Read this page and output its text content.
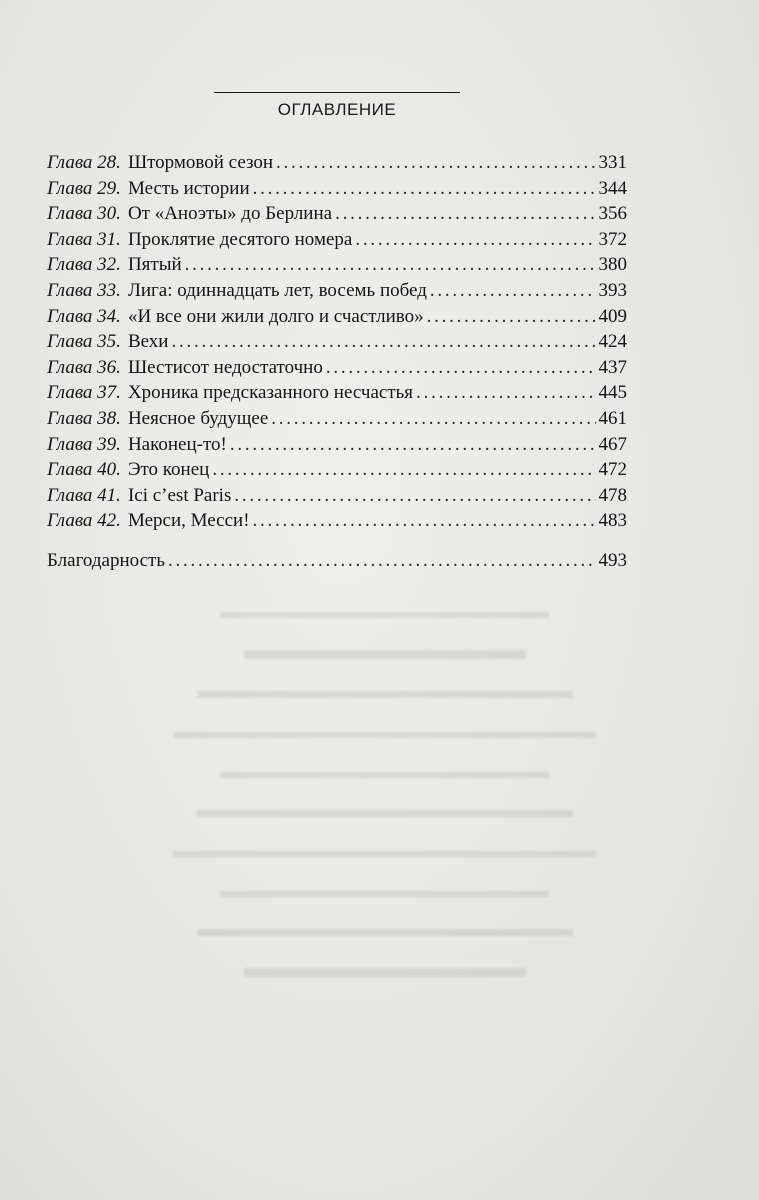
ОГЛАВЛЕНИЕ
Глава 28. Штормовой сезон . . .	331
Глава 29. Месть истории . . .	344
Глава 30. От «Аноэты» до Берлина . . .	356
Глава 31. Проклятие десятого номера . . .	372
Глава 32. Пятый . . .	380
Глава 33. Лига: одиннадцать лет, восемь побед . . .	393
Глава 34. «И все они жили долго и счастливо» . . .	409
Глава 35. Вехи . . .	424
Глава 36. Шестисот недостаточно . . .	437
Глава 37. Хроника предсказанного несчастья . . .	445
Глава 38. Неясное будущее . . .	461
Глава 39. Наконец-то! . . .	467
Глава 40. Это конец . . .	472
Глава 41. Ici c’est Paris . . .	478
Глава 42. Мерси, Месси! . . .	483
Благодарность . . .	493
